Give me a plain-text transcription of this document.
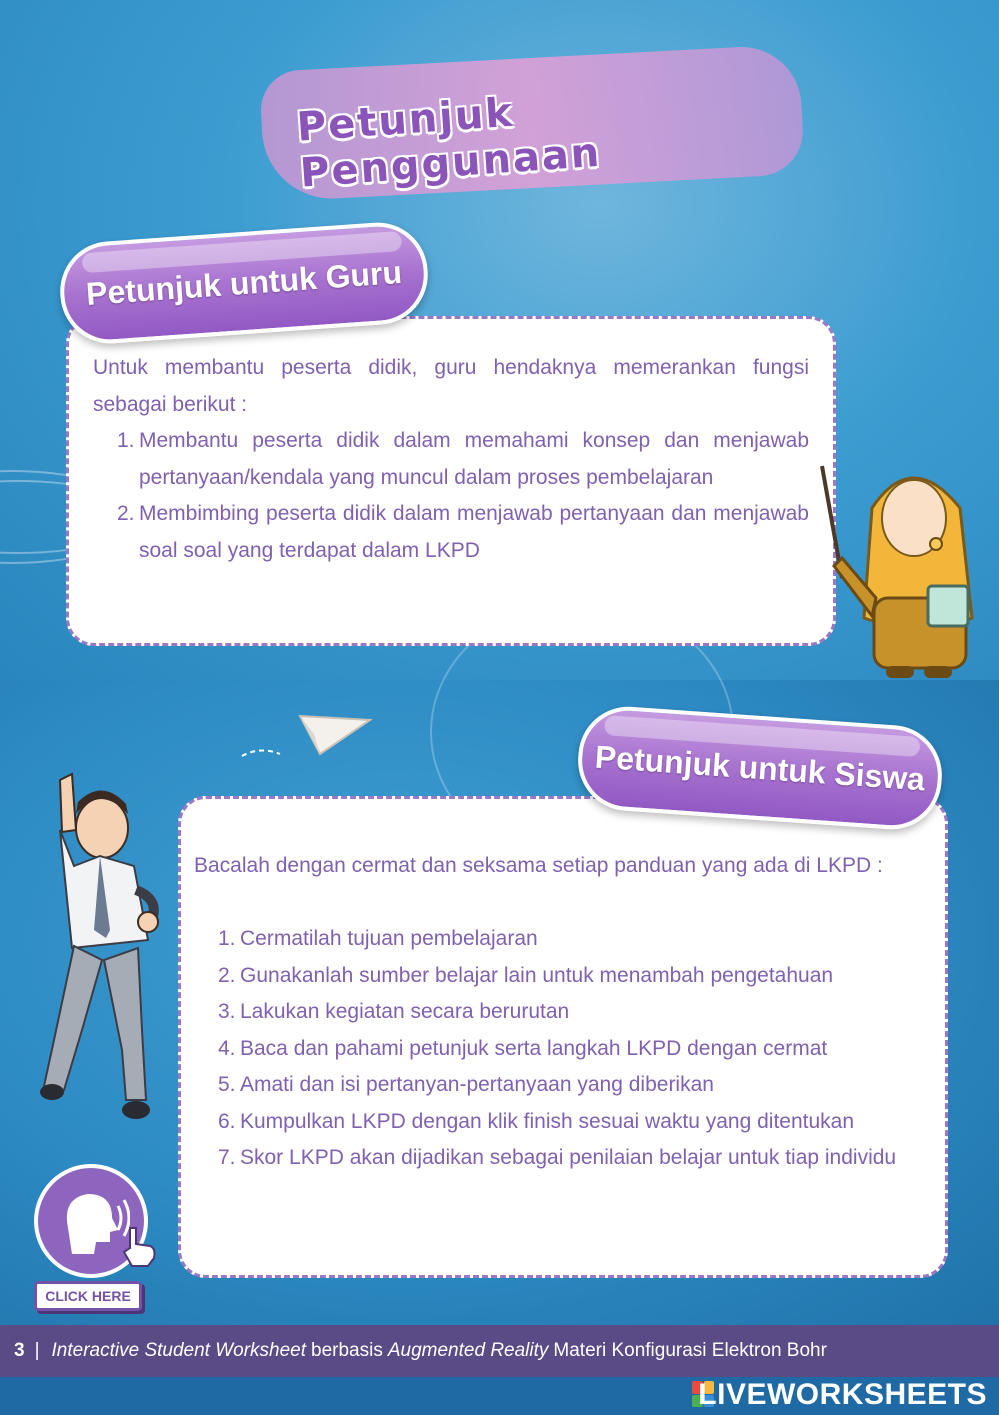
Petunjuk Penggunaan
Petunjuk untuk Guru
Untuk membantu peserta didik, guru hendaknya memerankan fungsi sebagai berikut :
1. Membantu peserta didik dalam memahami konsep dan menjawab pertanyaan/kendala yang muncul dalam proses pembelajaran
2. Membimbing peserta didik dalam menjawab pertanyaan dan menjawab soal soal yang terdapat dalam LKPD
Petunjuk untuk Siswa
Bacalah dengan cermat dan seksama setiap panduan yang ada di LKPD :
1. Cermatilah tujuan pembelajaran
2. Gunakanlah sumber belajar lain untuk menambah pengetahuan
3. Lakukan kegiatan secara berurutan
4. Baca dan pahami petunjuk serta langkah LKPD dengan cermat
5. Amati dan isi pertanyan-pertanyaan yang diberikan
6. Kumpulkan LKPD dengan klik finish sesuai waktu yang ditentukan
7. Skor LKPD akan dijadikan sebagai penilaian belajar untuk tiap individu
CLICK HERE
3 | Interactive Student Worksheet berbasis Augmented Reality Materi Konfigurasi Elektron Bohr
LIVEWORKSHEETS
